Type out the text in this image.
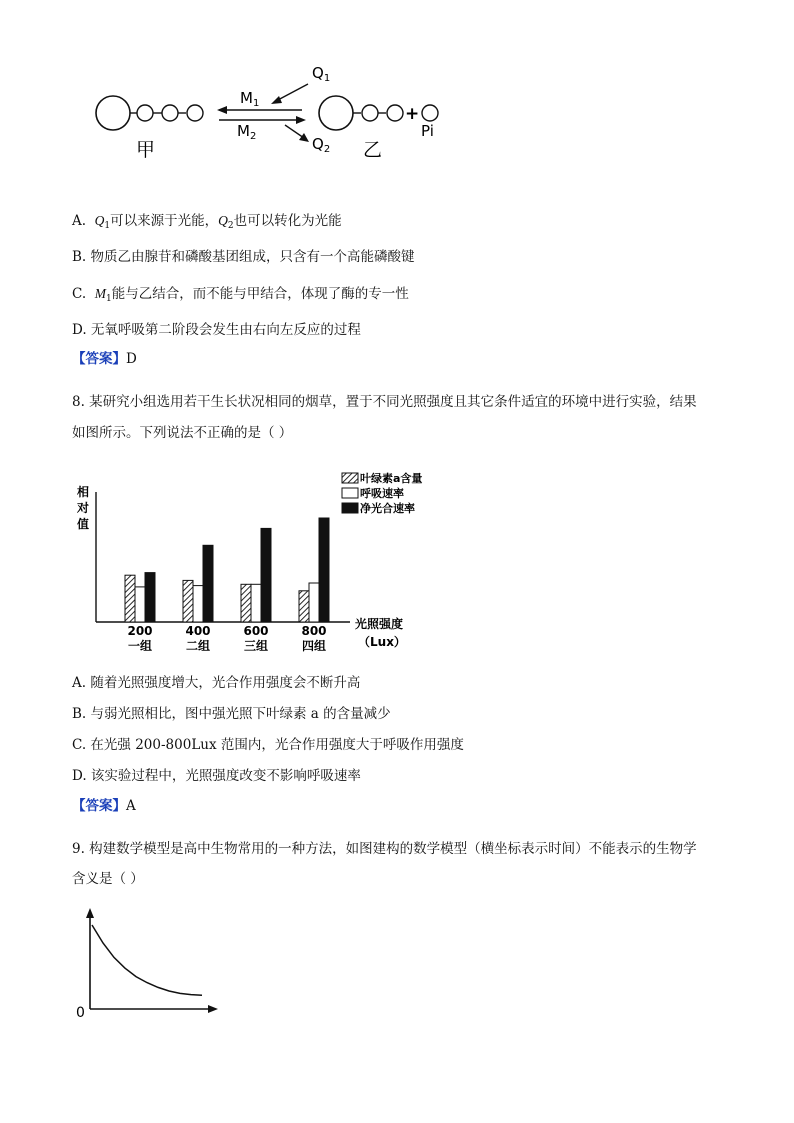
甲
$M_1$
$M_2$
$Q_1$
$Q_2$
+
Pi
乙
A. $Q_1$可以来源于光能，$Q_2$也可以转化为光能
B. 物质乙由腺苷和磷酸基团组成，只含有一个高能磷酸键
C. $M_1$能与乙结合，而不能与甲结合，体现了酶的专一性
D. 无氧呼吸第二阶段会发生由右向左反应的过程
【答案】D
8. 某研究小组选用若干生长状况相同的烟草，置于不同光照强度且其它条件适宜的环境中进行实验，结果
如图所示。下列说法不正确的是（ ）
相对值
叶绿素a含量
呼吸速率
净光合速率
200
一组
400
二组
600
三组
800
四组
光照强度
（Lux）
A. 随着光照强度增大，光合作用强度会不断升高
B. 与弱光照相比，图中强光照下叶绿素 a 的含量减少
C. 在光强 200-800Lux 范围内，光合作用强度大于呼吸作用强度
D. 该实验过程中，光照强度改变不影响呼吸速率
【答案】A
9. 构建数学模型是高中生物常用的一种方法，如图建构的数学模型（横坐标表示时间）不能表示的生物学
含义是（ ）
0
